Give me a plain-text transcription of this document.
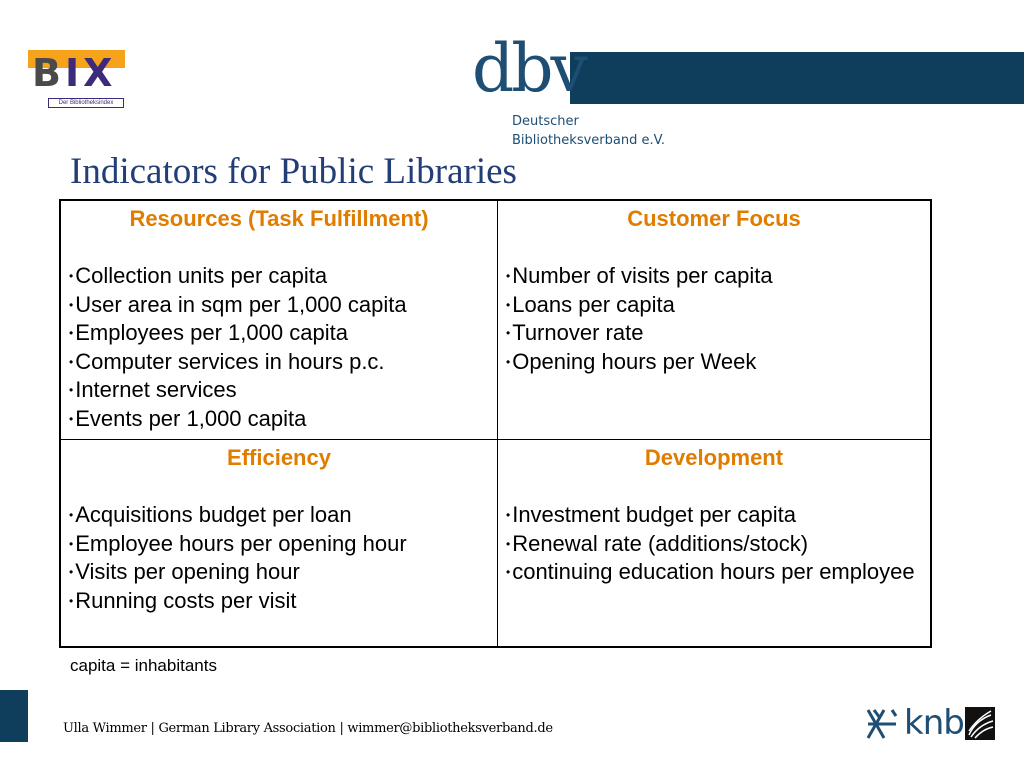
BIX
Der Bibliotheksindex	dbv
Deutscher
Bibliotheksverband e.V.
Indicators for Public Libraries
Resources (Task Fulfillment)
•Collection units per capita
•User area in sqm per 1,000 capita
•Employees per 1,000 capita
•Computer services in hours p.c.
•Internet services
•Events per 1,000 capita
Customer Focus
•Number of visits per capita
•Loans per capita
•Turnover rate
•Opening hours per Week
Efficiency
•Acquisitions budget per loan
•Employee hours per opening hour
•Visits per opening hour
•Running costs per visit
Development
•Investment budget per capita
•Renewal rate (additions/stock)
•continuing education hours per employee
capita = inhabitants
Ulla Wimmer | German Library Association | wimmer@bibliotheksverband.de	knb
